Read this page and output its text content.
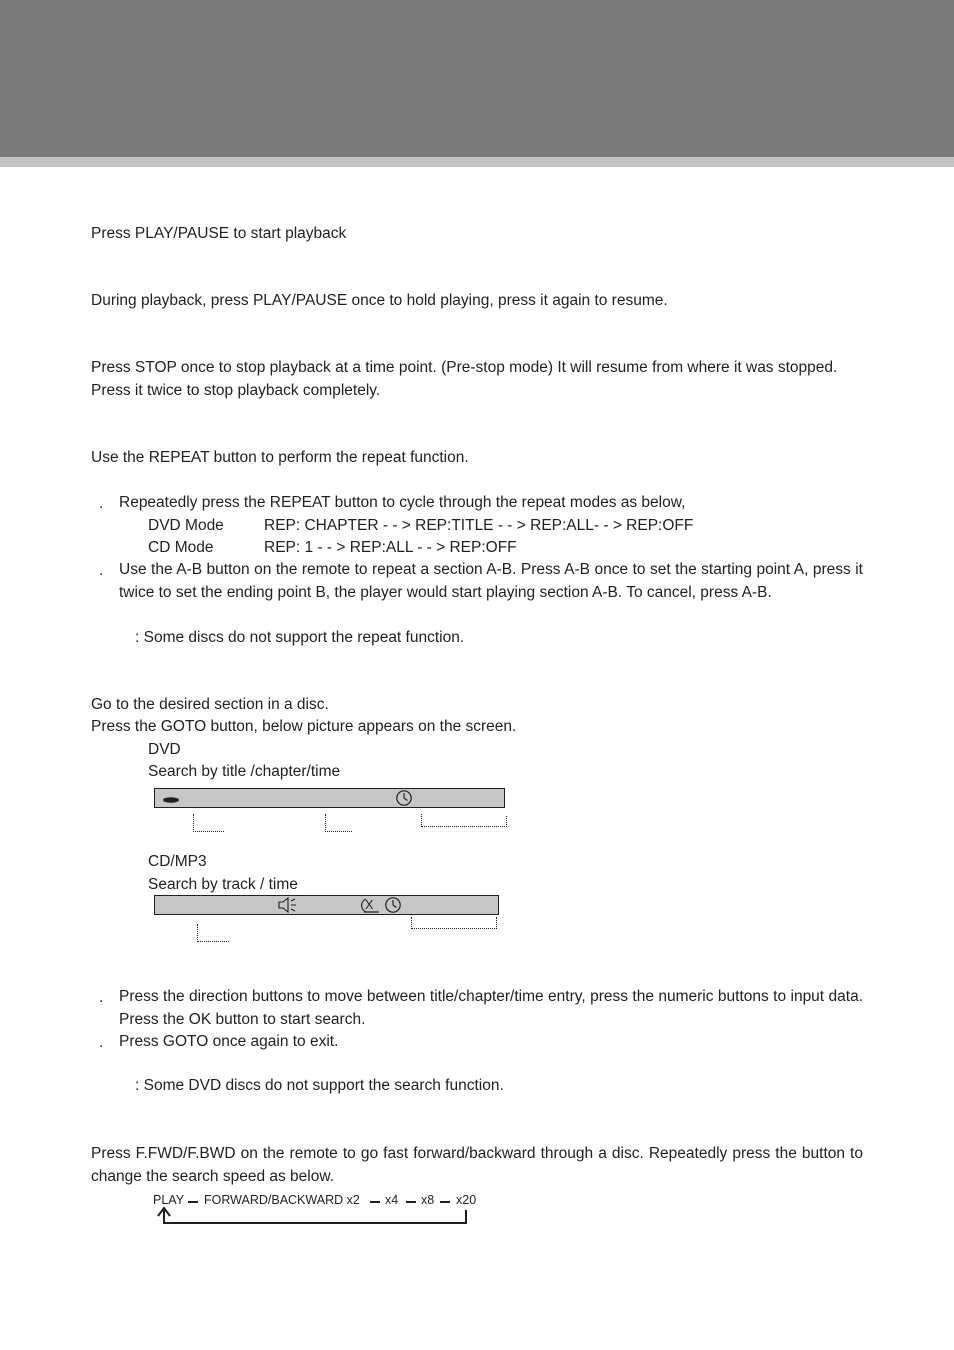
Press PLAY/PAUSE to start playback
During playback, press PLAY/PAUSE once to hold playing, press it again to resume.
Press STOP once to stop playback at a time point. (Pre-stop mode) It will resume from where it was stopped.
Press it twice to stop playback completely.
Use the REPEAT button to perform the repeat function.
. Repeatedly press the REPEAT button to cycle through the repeat modes as below,
DVD Mode	REP: CHAPTER - - > REP:TITLE - - > REP:ALL- - > REP:OFF
CD Mode	REP: 1 - - > REP:ALL - - > REP:OFF
. Use the A-B button on the remote to repeat a section A-B. Press A-B once to set the starting point A, press it twice to set the ending point B, the player would start playing section A-B. To cancel, press A-B.
: Some discs do not support the repeat function.
Go to the desired section in a disc.
Press the GOTO button, below picture appears on the screen.
DVD
Search by title /chapter/time
CD/MP3
Search by track / time
X
. Press the direction buttons to move between title/chapter/time entry, press the numeric buttons to input data. Press the OK button to start search.
. Press GOTO once again to exit.
: Some DVD discs do not support the search function.
Press F.FWD/F.BWD on the remote to go fast forward/backward through a disc. Repeatedly press the button to change the search speed as below.
PLAY FORWARD/BACKWARD x2 x4 x8 x20
